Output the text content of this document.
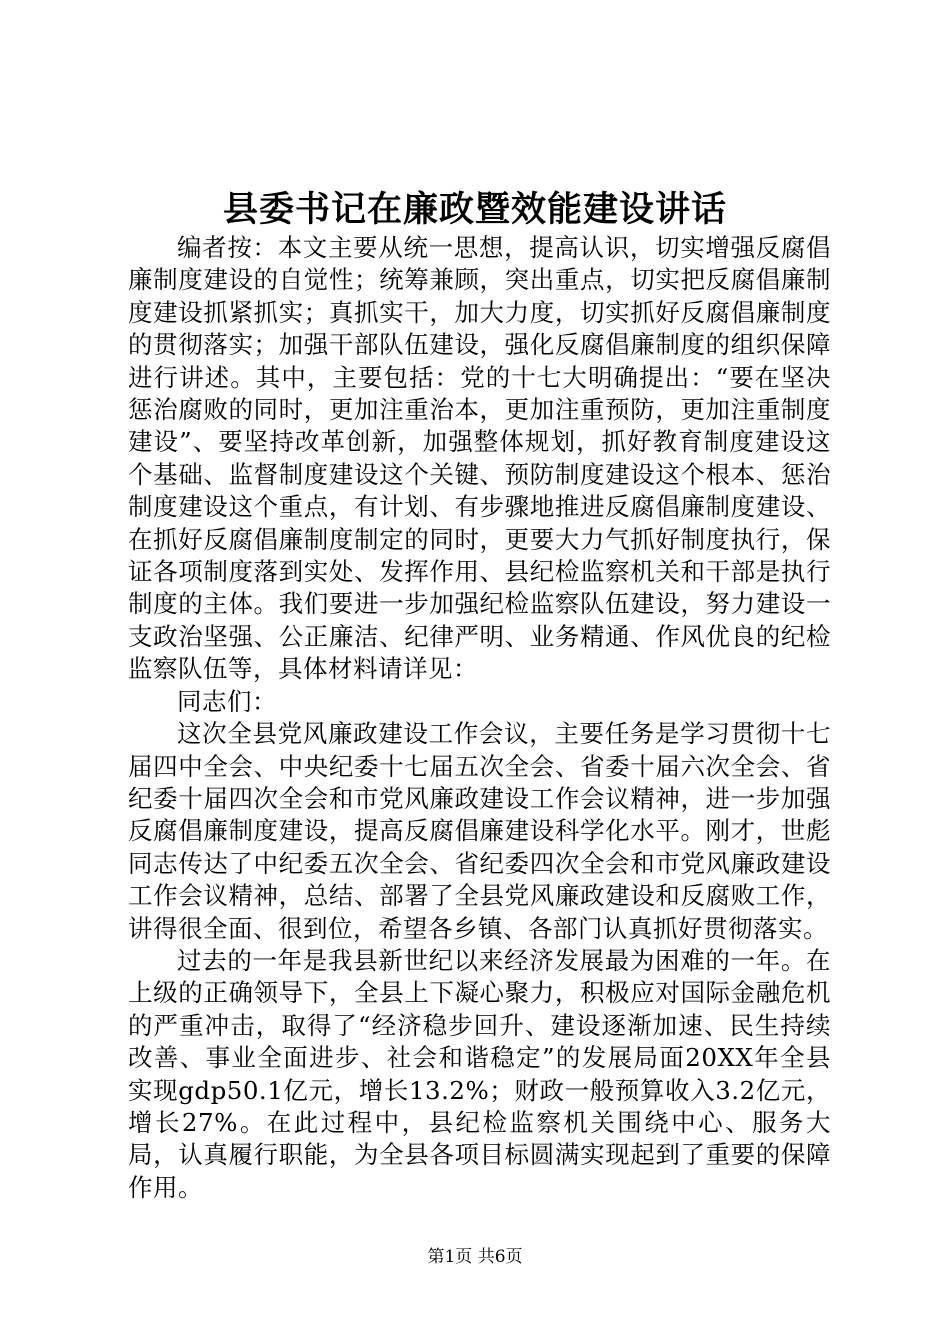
县委书记在廉政暨效能建设讲话

编者按：本文主要从统一思想，提高认识，切实增强反腐倡廉制度建设的自觉性；统筹兼顾，突出重点，切实把反腐倡廉制度建设抓紧抓实；真抓实干，加大力度，切实抓好反腐倡廉制度的贯彻落实；加强干部队伍建设，强化反腐倡廉制度的组织保障进行讲述。其中，主要包括：党的十七大明确提出：“要在坚决惩治腐败的同时，更加注重治本，更加注重预防，更加注重制度建设”、要坚持改革创新，加强整体规划，抓好教育制度建设这个基础、监督制度建设这个关键、预防制度建设这个根本、惩治制度建设这个重点，有计划、有步骤地推进反腐倡廉制度建设、在抓好反腐倡廉制度制定的同时，更要大力气抓好制度执行，保证各项制度落到实处、发挥作用、县纪检监察机关和干部是执行制度的主体。我们要进一步加强纪检监察队伍建设，努力建设一支政治坚强、公正廉洁、纪律严明、业务精通、作风优良的纪检监察队伍等，具体材料请详见：

同志们：

这次全县党风廉政建设工作会议，主要任务是学习贯彻十七届四中全会、中央纪委十七届五次全会、省委十届六次全会、省纪委十届四次全会和市党风廉政建设工作会议精神，进一步加强反腐倡廉制度建设，提高反腐倡廉建设科学化水平。刚才，世彪同志传达了中纪委五次全会、省纪委四次全会和市党风廉政建设工作会议精神，总结、部署了全县党风廉政建设和反腐败工作，讲得很全面、很到位，希望各乡镇、各部门认真抓好贯彻落实。

过去的一年是我县新世纪以来经济发展最为困难的一年。在上级的正确领导下，全县上下凝心聚力，积极应对国际金融危机的严重冲击，取得了“经济稳步回升、建设逐渐加速、民生持续改善、事业全面进步、社会和谐稳定”的发展局面20XX年全县实现gdp50.1亿元，增长13.2%；财政一般预算收入3.2亿元，增长27%。在此过程中，县纪检监察机关围绕中心、服务大局，认真履行职能，为全县各项目标圆满实现起到了重要的保障作用。

第1页 共6页
